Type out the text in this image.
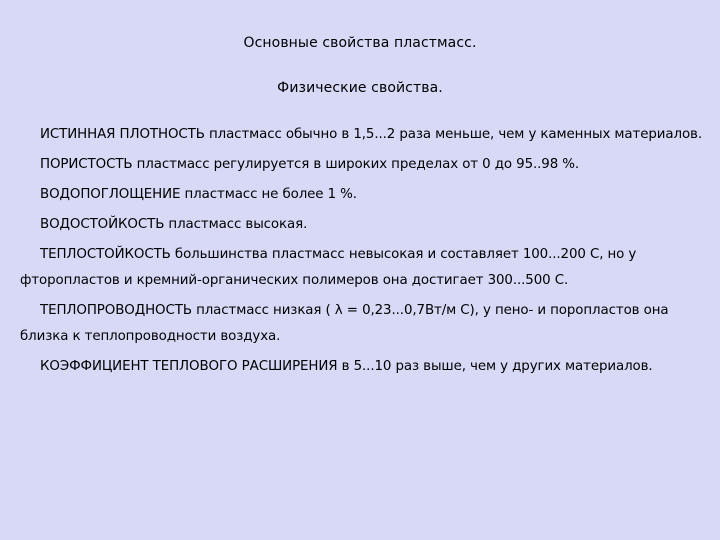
Основные свойства пластмасс.
Физические свойства.

ИСТИННАЯ ПЛОТНОСТЬ пластмасс обычно в 1,5...2 раза меньше, чем у каменных материалов.

ПОРИСТОСТЬ пластмасс регулируется в широких пределах от 0 до 95..98 %.

ВОДОПОГЛОЩЕНИЕ пластмасс не более 1 %.

ВОДОСТОЙКОСТЬ пластмасс высокая.

ТЕПЛОСТОЙКОСТЬ большинства пластмасс невысокая и составляет 100...200 С, но у фторопластов и кремний-органических полимеров она достигает 300...500 С.

ТЕПЛОПРОВОДНОСТЬ пластмасс низкая ( λ = 0,23...0,7Вт/м С), у пено- и поропластов она близка к теплопроводности воздуха.

КОЭФФИЦИЕНТ ТЕПЛОВОГО РАСШИРЕНИЯ в 5...10 раз выше, чем у других материалов.
